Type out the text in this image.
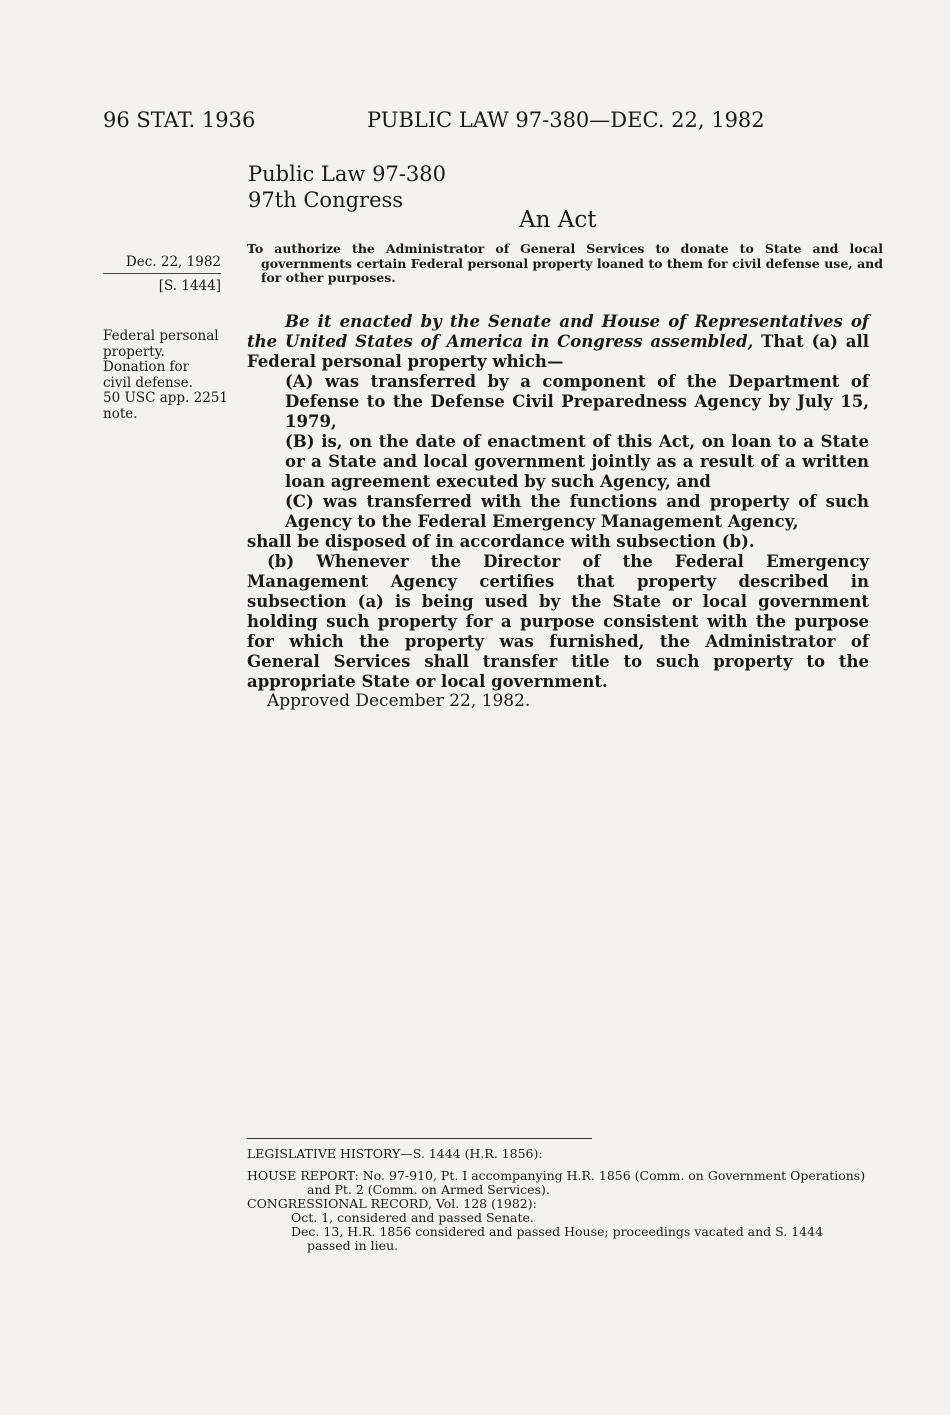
96 STAT. 1936	PUBLIC LAW 97-380—DEC. 22, 1982
Public Law 97-380
97th Congress
An Act
Dec. 22, 1982
[S. 1444]
Federal personal
property.
Donation for
civil defense.
50 USC app. 2251
note.
To authorize the Administrator of General Services to donate to State and local governments certain Federal personal property loaned to them for civil defense use, and for other purposes.

Be it enacted by the Senate and House of Representatives of the United States of America in Congress assembled, That (a) all Federal personal property which—

(A) was transferred by a component of the Department of Defense to the Defense Civil Preparedness Agency by July 15, 1979,

(B) is, on the date of enactment of this Act, on loan to a State or a State and local government jointly as a result of a written loan agreement executed by such Agency, and

(C) was transferred with the functions and property of such Agency to the Federal Emergency Management Agency,

shall be disposed of in accordance with subsection (b).

(b) Whenever the Director of the Federal Emergency Management Agency certifies that property described in subsection (a) is being used by the State or local government holding such property for a purpose consistent with the purpose for which the property was furnished, the Administrator of General Services shall transfer title to such property to the appropriate State or local government.

Approved December 22, 1982.
LEGISLATIVE HISTORY—S. 1444 (H.R. 1856):
HOUSE REPORT: No. 97-910, Pt. I accompanying H.R. 1856 (Comm. on Government Operations) and Pt. 2 (Comm. on Armed Services).
CONGRESSIONAL RECORD, Vol. 128 (1982):
Oct. 1, considered and passed Senate.
Dec. 13, H.R. 1856 considered and passed House; proceedings vacated and S. 1444 passed in lieu.
